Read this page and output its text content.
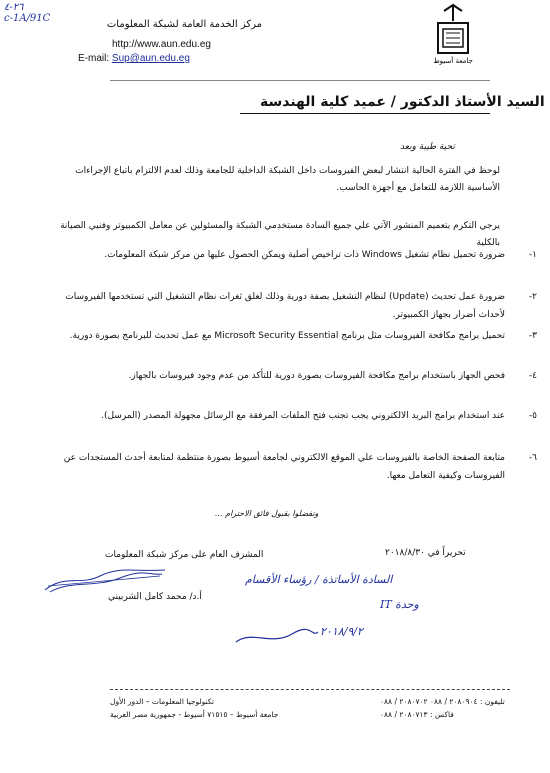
٢٦-٤
c-1A/91C
مركز الخدمة العامة لشبكة المعلومات
http://www.aun.edu.eg
E-mail: Sup@aun.edu.eg	جامعة أسيوط
السيد الأستاذ الدكتور / عميد كلية الهندسة
تحية طيبة وبعد
لوحظ في الفترة الحالية انتشار لبعض الفيروسات داخل الشبكة الداخلية للجامعة وذلك لعدم الالتزام باتباع الإجراءات الأساسية اللازمة للتعامل مع أجهزة الحاسب.
يرجي التكرم بتعميم المنشور الآتي علي جميع السادة مستخدمي الشبكة والمسئولين عن معامل الكمبيوتر وفنيي الصيانة بالكلية
١-
ضرورة تحميل نظام تشغيل Windows ذات تراخيص أصلية ويمكن الحصول عليها من مركز شبكة المعلومات.
٢-
ضرورة عمل تحديث (Update) لنظام التشغيل بصفة دورية وذلك لغلق ثغرات نظام التشغيل التي تستخدمها الفيروسات لأحداث أضرار بجهاز الكمبيوتر.
٣-
تحميل برامج مكافحة الفيروسات مثل برنامج Microsoft Security Essential مع عمل تحديث للبرنامج بصورة دورية.
٤-
فحص الجهاز باستخدام برامج مكافحة الفيروسات بصورة دورية للتأكد من عدم وجود فيروسات بالجهاز.
٥-
عند استخدام برامج البريد الالكتروني يجب تجنب فتح الملفات المرفقة مع الرسائل مجهولة المصدر (المرسل).
٦-
متابعة الصفحة الخاصة بالفيروسات علي الموقع الالكتروني لجامعة أسيوط بصورة منتظمة لمتابعة أحدث المستجدات عن الفيروسات وكيفية التعامل معها.
وتفضلوا بقبول فائق الاحترام ...
تحريراً في ٢٠١٨/٨/٣٠
المشرف العام على مركز شبكة المعلومات
أ.د/ محمد كامل الشربيني
السادة الأساتذة / رؤساء الأقسام
وحدة IT
٢٠١٨/٩/٢
تليفون : ٢٠٨٠٩٠٤ / ٠٨٨ ٢٠٨٠٧٠٢ / ٠٨٨
فاكس : ٢٠٨٠٧١٣ / ٠٨٨
تكنولوجيا المعلومات – الدور الأول
جامعة أسيوط – ٧١٥١٥ أسيوط - جمهورية مصر العربية
